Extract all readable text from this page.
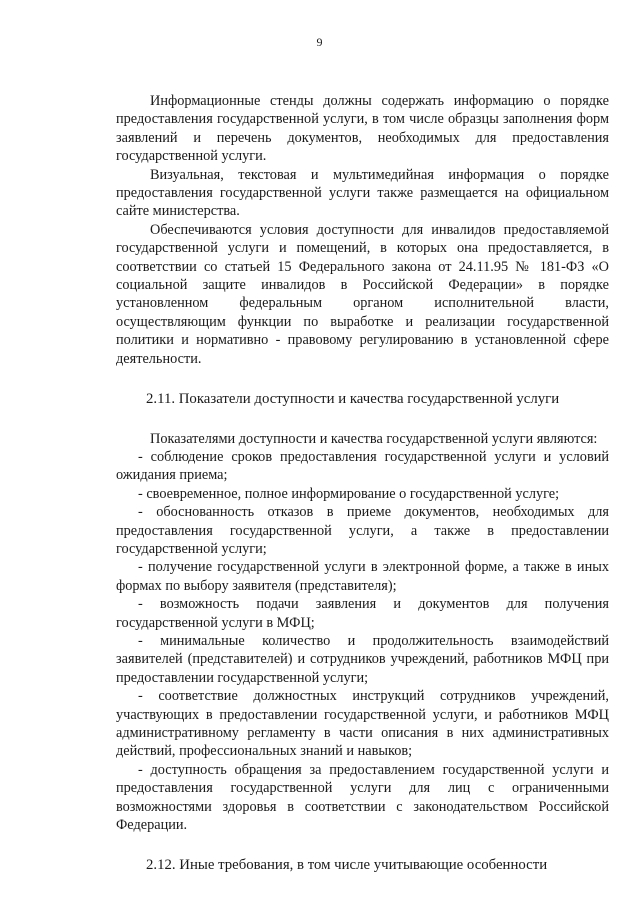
9

Информационные стенды должны содержать информацию о порядке предоставления государственной услуги, в том числе образцы заполнения форм заявлений и перечень документов, необходимых для предоставления государственной услуги.

Визуальная, текстовая и мультимедийная информация о порядке предоставления государственной услуги также размещается на официальном сайте министерства.

Обеспечиваются условия доступности для инвалидов предоставляемой государственной услуги и помещений, в которых она предоставляется, в соответствии со статьей 15 Федерального закона от 24.11.95 № 181-ФЗ «О социальной защите инвалидов в Российской Федерации» в порядке установленном федеральным органом исполнительной власти, осуществляющим функции по выработке и реализации государственной политики и нормативно - правовому регулированию в установленной сфере деятельности.

2.11. Показатели доступности и качества государственной услуги

Показателями доступности и качества государственной услуги являются:

- соблюдение сроков предоставления государственной услуги и условий ожидания приема;

- своевременное, полное информирование о государственной услуге;

- обоснованность отказов в приеме документов, необходимых для предоставления государственной услуги, а также в предоставлении государственной услуги;

- получение государственной услуги в электронной форме, а также в иных формах по выбору заявителя (представителя);

- возможность подачи заявления и документов для получения государственной услуги в МФЦ;

- минимальные количество и продолжительность взаимодействий заявителей (представителей) и сотрудников учреждений, работников МФЦ при предоставлении государственной услуги;

- соответствие должностных инструкций сотрудников учреждений, участвующих в предоставлении государственной услуги, и работников МФЦ административному регламенту в части описания в них административных действий, профессиональных знаний и навыков;

- доступность обращения за предоставлением государственной услуги и предоставления государственной услуги для лиц с ограниченными возможностями здоровья в соответствии с законодательством Российской Федерации.

2.12. Иные требования, в том числе учитывающие особенности
